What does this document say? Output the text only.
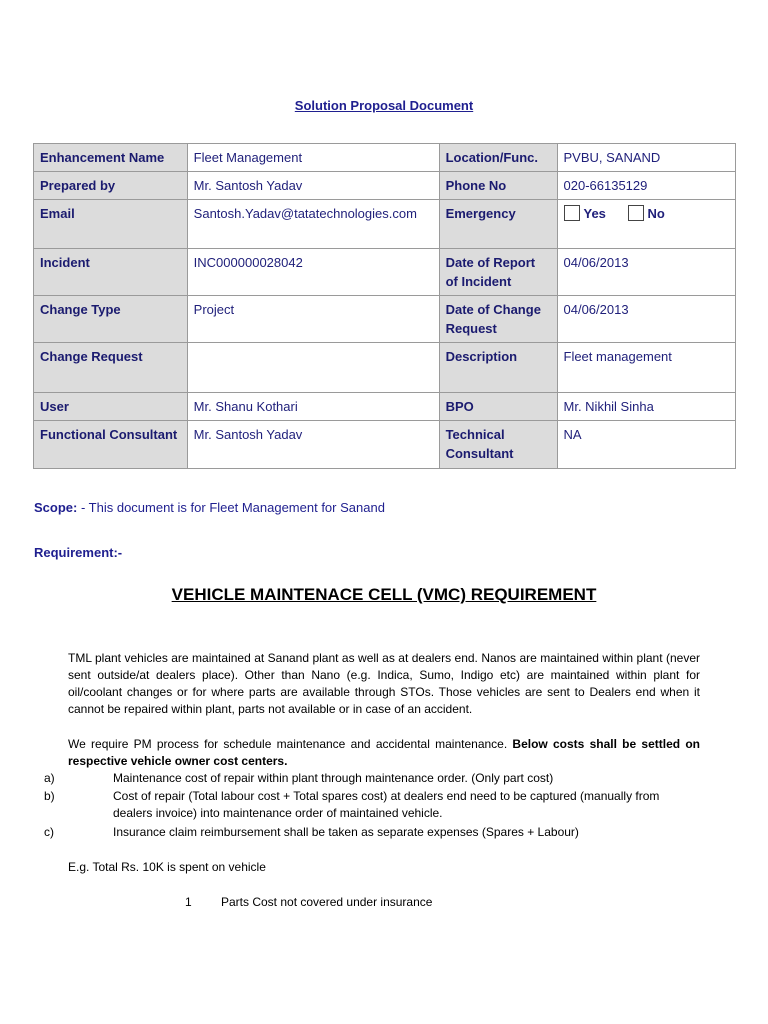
Solution Proposal Document
Enhancement Name	Fleet Management	Location/Func.	PVBU, SANAND
Prepared by	Mr. Santosh Yadav	Phone No	020-66135129
Email	Santosh.Yadav@tatatechnologies.com	Emergency	Yes No
Incident	INC000000028042	Date of Report of Incident	04/06/2013
Change Type	Project	Date of Change Request	04/06/2013
Change Request		Description	Fleet management
User	Mr. Shanu Kothari	BPO	Mr. Nikhil Sinha
Functional Consultant	Mr. Santosh Yadav	Technical Consultant	NA
Scope: - This document is for Fleet Management for Sanand
Requirement:-
VEHICLE MAINTENACE CELL (VMC) REQUIREMENT
TML plant vehicles are maintained at Sanand plant as well as at dealers end. Nanos are maintained within plant (never sent outside/at dealers place). Other than Nano (e.g. Indica, Sumo, Indigo etc) are maintained within plant for oil/coolant changes or for where parts are available through STOs. Those vehicles are sent to Dealers end when it cannot be repaired within plant, parts not available or in case of an accident.
We require PM process for schedule maintenance and accidental maintenance. Below costs shall be settled on respective vehicle owner cost centers.
a)	Maintenance cost of repair within plant through maintenance order. (Only part cost)
b)	Cost of repair (Total labour cost + Total spares cost) at dealers end need to be captured (manually from dealers invoice) into maintenance order of maintained vehicle.
c)	Insurance claim reimbursement shall be taken as separate expenses (Spares + Labour)
E.g. Total Rs. 10K is spent on vehicle
1 Parts Cost not covered under insurance
